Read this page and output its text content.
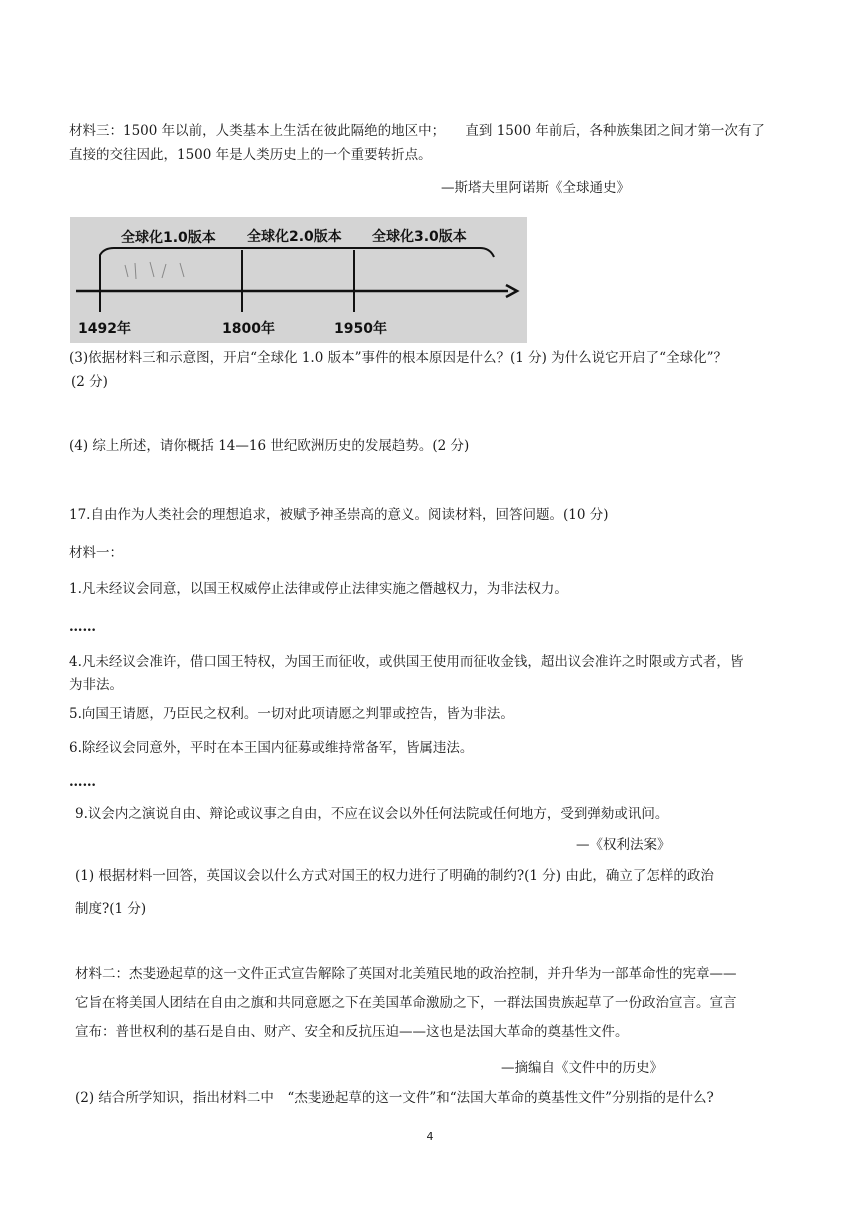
材料三：1500 年以前，人类基本上生活在彼此隔绝的地区中；　　直到 1500 年前后，各种族集团之间才第一次有了
直接的交往因此，1500 年是人类历史上的一个重要转折点。
—斯塔夫里阿诺斯《全球通史》
全球化1.0版本 全球化2.0版本 全球化3.0版本
1492年	1800年	1950年
(3)依据材料三和示意图，开启“全球化 1.0 版本”事件的根本原因是什么？(1 分) 为什么说它开启了“全球化”？
(2 分)
(4) 综上所述，请你概括 14—16 世纪欧洲历史的发展趋势。(2 分)
17.自由作为人类社会的理想追求，被赋予神圣崇高的意义。阅读材料，回答问题。(10 分)
材料一：
1.凡未经议会同意，以国王权威停止法律或停止法律实施之僭越权力，为非法权力。
……
4.凡未经议会准许，借口国王特权，为国王而征收，或供国王使用而征收金钱，超出议会准许之时限或方式者，皆
为非法。
5.向国王请愿，乃臣民之权利。一切对此项请愿之判罪或控告，皆为非法。
6.除经议会同意外，平时在本王国内征募或维持常备军，皆属违法。
……
9.议会内之演说自由、辩论或议事之自由，不应在议会以外任何法院或任何地方，受到弹劾或讯问。
—《权利法案》
(1) 根据材料一回答，英国议会以什么方式对国王的权力进行了明确的制约?(1 分) 由此，确立了怎样的政治
制度?(1 分)
材料二：杰斐逊起草的这一文件正式宣告解除了英国对北美殖民地的政治控制，并升华为一部革命性的宪章——
它旨在将美国人团结在自由之旗和共同意愿之下在美国革命激励之下，一群法国贵族起草了一份政治宣言。宣言
宣布：普世权利的基石是自由、财产、安全和反抗压迫——这也是法国大革命的奠基性文件。
—摘编自《文件中的历史》
(2) 结合所学知识，指出材料二中　“杰斐逊起草的这一文件”和“法国大革命的奠基性文件”分别指的是什么?
4
